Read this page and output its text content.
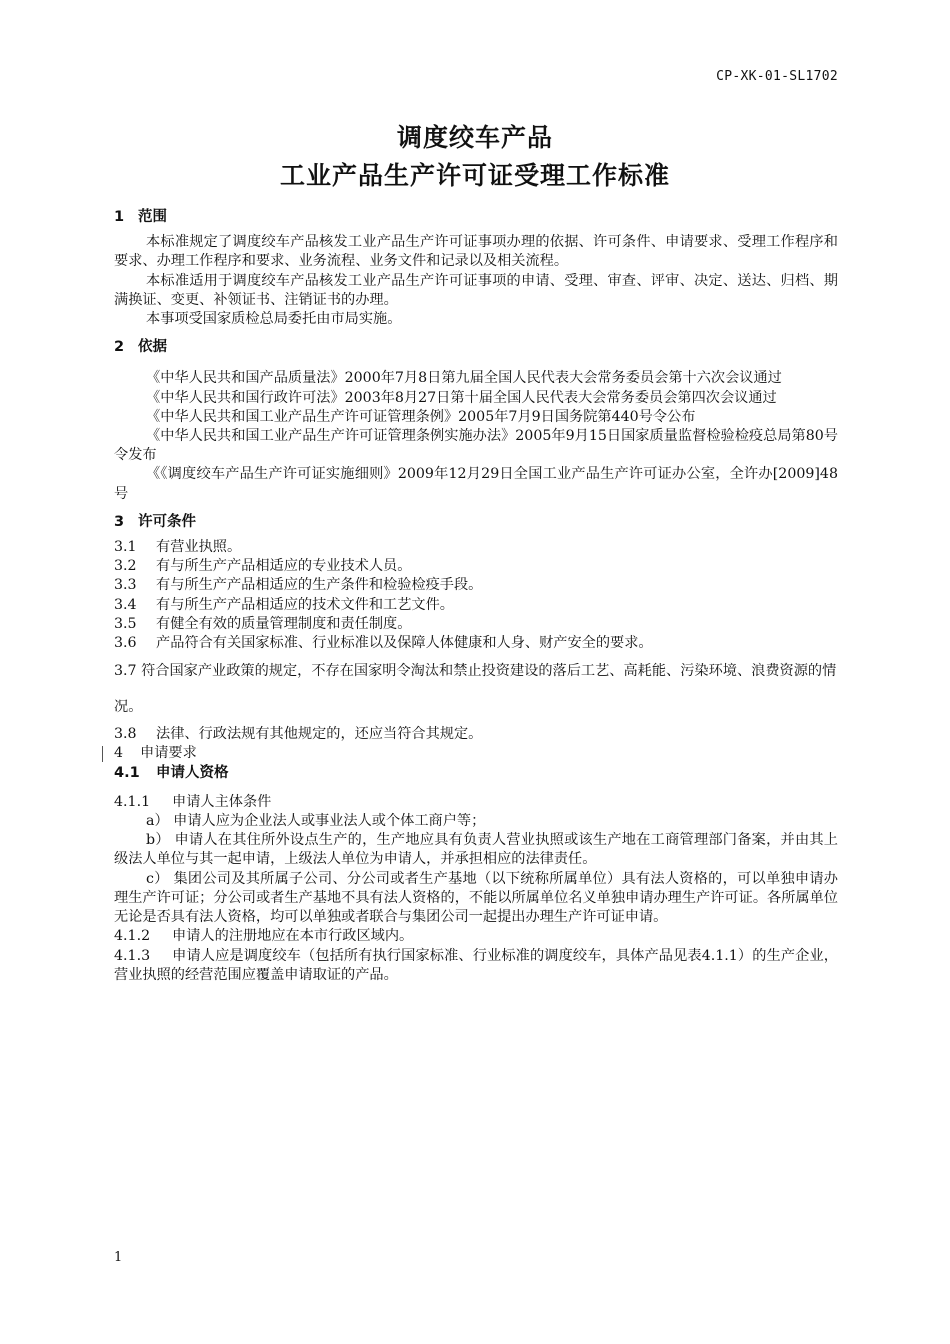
CP-XK-01-SL1702
调度绞车产品
工业产品生产许可证受理工作标准
1 范围

本标准规定了调度绞车产品核发工业产品生产许可证事项办理的依据、许可条件、申请要求、受理工作程序和要求、办理工作程序和要求、业务流程、业务文件和记录以及相关流程。

本标准适用于调度绞车产品核发工业产品生产许可证事项的申请、受理、审查、评审、决定、送达、归档、期满换证、变更、补领证书、注销证书的办理。

本事项受国家质检总局委托由市局实施。

2 依据

《中华人民共和国产品质量法》2000年7月8日第九届全国人民代表大会常务委员会第十六次会议通过

《中华人民共和国行政许可法》2003年8月27日第十届全国人民代表大会常务委员会第四次会议通过

《中华人民共和国工业产品生产许可证管理条例》2005年7月9日国务院第440号令公布

《中华人民共和国工业产品生产许可证管理条例实施办法》2005年9月15日国家质量监督检验检疫总局第80号令发布

《《调度绞车产品生产许可证实施细则》2009年12月29日全国工业产品生产许可证办公室，全许办[2009]48号

3 许可条件

3.1 有营业执照。

3.2 有与所生产产品相适应的专业技术人员。

3.3 有与所生产产品相适应的生产条件和检验检疫手段。

3.4 有与所生产产品相适应的技术文件和工艺文件。

3.5 有健全有效的质量管理制度和责任制度。

3.6 产品符合有关国家标准、行业标准以及保障人体健康和人身、财产安全的要求。

3.7 符合国家产业政策的规定，不存在国家明令淘汰和禁止投资建设的落后工艺、高耗能、污染环境、浪费资源的情况。

3.8 法律、行政法规有其他规定的，还应当符合其规定。

4 申请要求

4.1 申请人资格

4.1.1 申请人主体条件

a） 申请人应为企业法人或事业法人或个体工商户等；

b） 申请人在其住所外设点生产的，生产地应具有负责人营业执照或该生产地在工商管理部门备案，并由其上级法人单位与其一起申请，上级法人单位为申请人，并承担相应的法律责任。

c） 集团公司及其所属子公司、分公司或者生产基地（以下统称所属单位）具有法人资格的，可以单独申请办理生产许可证；分公司或者生产基地不具有法人资格的，不能以所属单位名义单独申请办理生产许可证。各所属单位无论是否具有法人资格，均可以单独或者联合与集团公司一起提出办理生产许可证申请。

4.1.2 申请人的注册地应在本市行政区域内。

4.1.3 申请人应是调度绞车（包括所有执行国家标准、行业标准的调度绞车，具体产品见表4.1.1）的生产企业，营业执照的经营范围应覆盖申请取证的产品。

1
